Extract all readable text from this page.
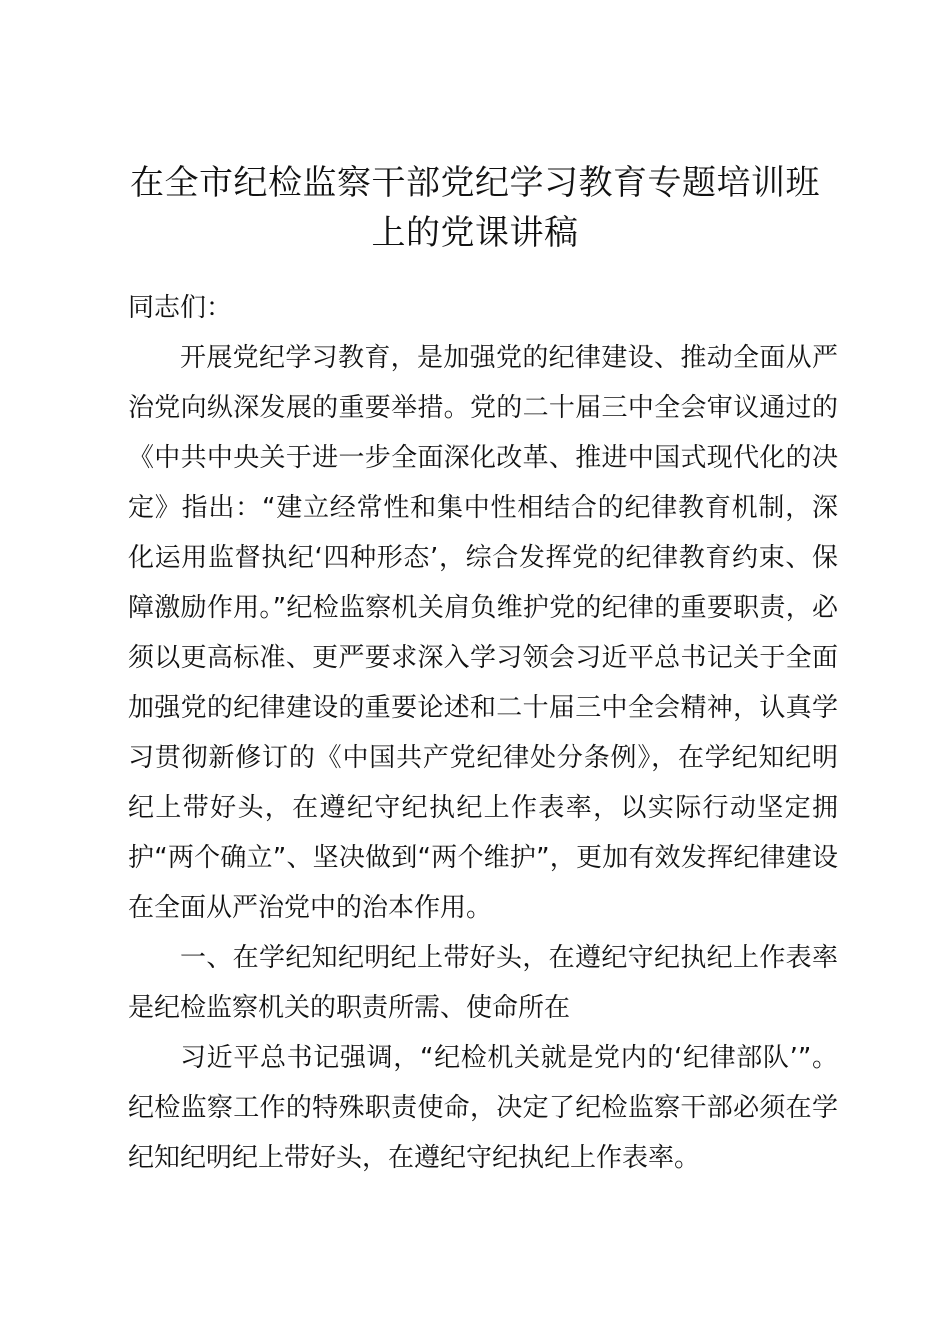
在全市纪检监察干部党纪学习教育专题培训班
上的党课讲稿

同志们：

开展党纪学习教育，是加强党的纪律建设、推动全面从严治党向纵深发展的重要举措。党的二十届三中全会审议通过的《中共中央关于进一步全面深化改革、推进中国式现代化的决定》指出：“建立经常性和集中性相结合的纪律教育机制，深化运用监督执纪‘四种形态’，综合发挥党的纪律教育约束、保障激励作用。”纪检监察机关肩负维护党的纪律的重要职责，必须以更高标准、更严要求深入学习领会习近平总书记关于全面加强党的纪律建设的重要论述和二十届三中全会精神，认真学习贯彻新修订的《中国共产党纪律处分条例》，在学纪知纪明纪上带好头，在遵纪守纪执纪上作表率，以实际行动坚定拥护“两个确立”、坚决做到“两个维护”，更加有效发挥纪律建设在全面从严治党中的治本作用。

一、在学纪知纪明纪上带好头，在遵纪守纪执纪上作表率是纪检监察机关的职责所需、使命所在

习近平总书记强调，“纪检机关就是党内的‘纪律部队’”。纪检监察工作的特殊职责使命，决定了纪检监察干部必须在学纪知纪明纪上带好头，在遵纪守纪执纪上作表率。
